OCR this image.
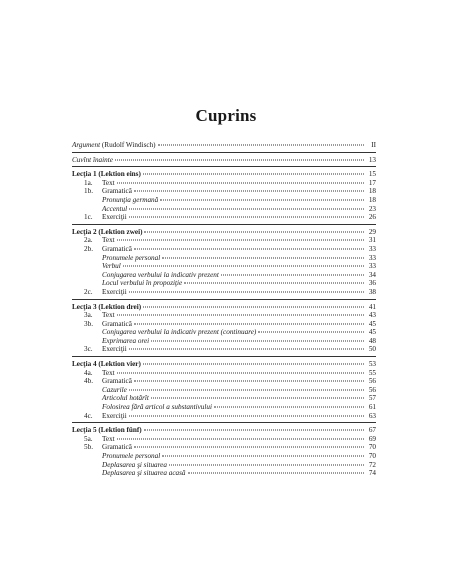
Cuprins
Argument (Rudolf Windisch)	II
Cuvînt înainte	13
Lecţia 1 (Lektion eins)	15
1a.	Text	17
1b.	Gramatică	18
Pronunţia germană	18
Accentul	23
1c.	Exerciţii	26
Lecţia 2 (Lektion zwei)	29
2a.	Text	31
2b.	Gramatică	33
Pronumele personal	33
Verbul	33
Conjugarea verbului la indicativ prezent	34
Locul verbului în propoziţie	36
2c.	Exerciţii	38
Lecţia 3 (Lektion drei)	41
3a.	Text	43
3b.	Gramatică	45
Conjugarea verbului la indicativ prezent (continuare)	45
Exprimarea orei	48
3c.	Exerciţii	50
Lecţia 4 (Lektion vier)	53
4a.	Text	55
4b.	Gramatică	56
Cazurile	56
Articolul hotărît	57
Folosirea fără articol a substantivului	61
4c.	Exerciţii	63
Lecţia 5 (Lektion fünf)	67
5a.	Text	69
5b.	Gramatică	70
Pronumele personal	70
Deplasarea şi situarea	72
Deplasarea şi situarea acasă	74
